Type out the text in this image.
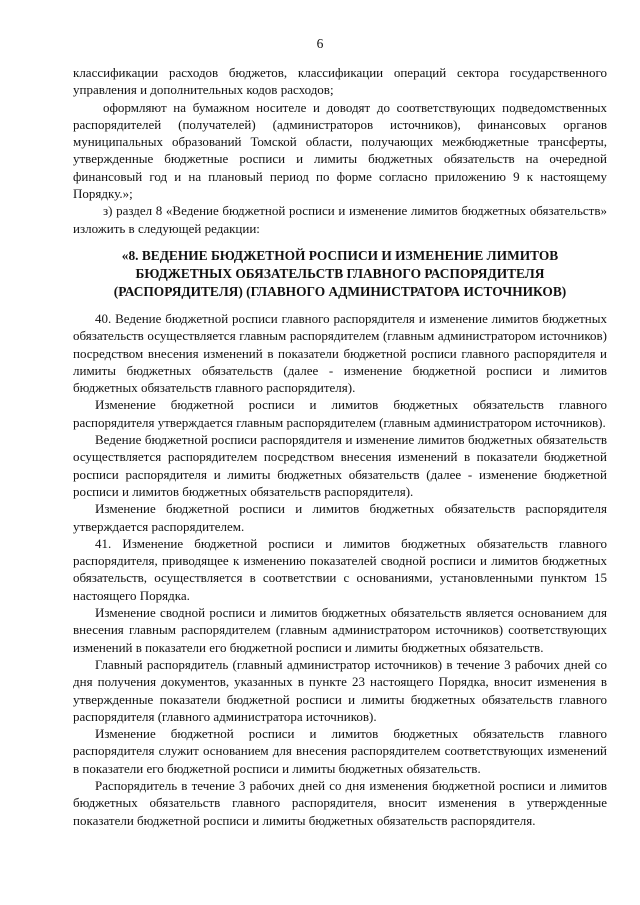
6

классификации расходов бюджетов, классификации операций сектора государственного управления и дополнительных кодов расходов;

оформляют на бумажном носителе и доводят до соответствующих подведомственных распорядителей (получателей) (администраторов источников), финансовых органов муниципальных образований Томской области, получающих межбюджетные трансферты, утвержденные бюджетные росписи и лимиты бюджетных обязательств на очередной финансовый год и на плановый период по форме согласно приложению 9 к настоящему Порядку.»;

з) раздел 8 «Ведение бюджетной росписи и изменение лимитов бюджетных обязательств» изложить в следующей редакции:

«8. ВЕДЕНИЕ БЮДЖЕТНОЙ РОСПИСИ И ИЗМЕНЕНИЕ ЛИМИТОВ БЮДЖЕТНЫХ ОБЯЗАТЕЛЬСТВ ГЛАВНОГО РАСПОРЯДИТЕЛЯ (РАСПОРЯДИТЕЛЯ) (ГЛАВНОГО АДМИНИСТРАТОРА ИСТОЧНИКОВ)

40. Ведение бюджетной росписи главного распорядителя и изменение лимитов бюджетных обязательств осуществляется главным распорядителем (главным администратором источников) посредством внесения изменений в показатели бюджетной росписи главного распорядителя и лимиты бюджетных обязательств (далее - изменение бюджетной росписи и лимитов бюджетных обязательств главного распорядителя).

Изменение бюджетной росписи и лимитов бюджетных обязательств главного распорядителя утверждается главным распорядителем (главным администратором источников).

Ведение бюджетной росписи распорядителя и изменение лимитов бюджетных обязательств осуществляется распорядителем посредством внесения изменений в показатели бюджетной росписи распорядителя и лимиты бюджетных обязательств (далее - изменение бюджетной росписи и лимитов бюджетных обязательств распорядителя).

Изменение бюджетной росписи и лимитов бюджетных обязательств распорядителя утверждается распорядителем.

41. Изменение бюджетной росписи и лимитов бюджетных обязательств главного распорядителя, приводящее к изменению показателей сводной росписи и лимитов бюджетных обязательств, осуществляется в соответствии с основаниями, установленными пунктом 15 настоящего Порядка.

Изменение сводной росписи и лимитов бюджетных обязательств является основанием для внесения главным распорядителем (главным администратором источников) соответствующих изменений в показатели его бюджетной росписи и лимиты бюджетных обязательств.

Главный распорядитель (главный администратор источников) в течение 3 рабочих дней со дня получения документов, указанных в пункте 23 настоящего Порядка, вносит изменения в утвержденные показатели бюджетной росписи и лимиты бюджетных обязательств главного распорядителя (главного администратора источников).

Изменение бюджетной росписи и лимитов бюджетных обязательств главного распорядителя служит основанием для внесения распорядителем соответствующих изменений в показатели его бюджетной росписи и лимиты бюджетных обязательств.

Распорядитель в течение 3 рабочих дней со дня изменения бюджетной росписи и лимитов бюджетных обязательств главного распорядителя, вносит изменения в утвержденные показатели бюджетной росписи и лимиты бюджетных обязательств распорядителя.
